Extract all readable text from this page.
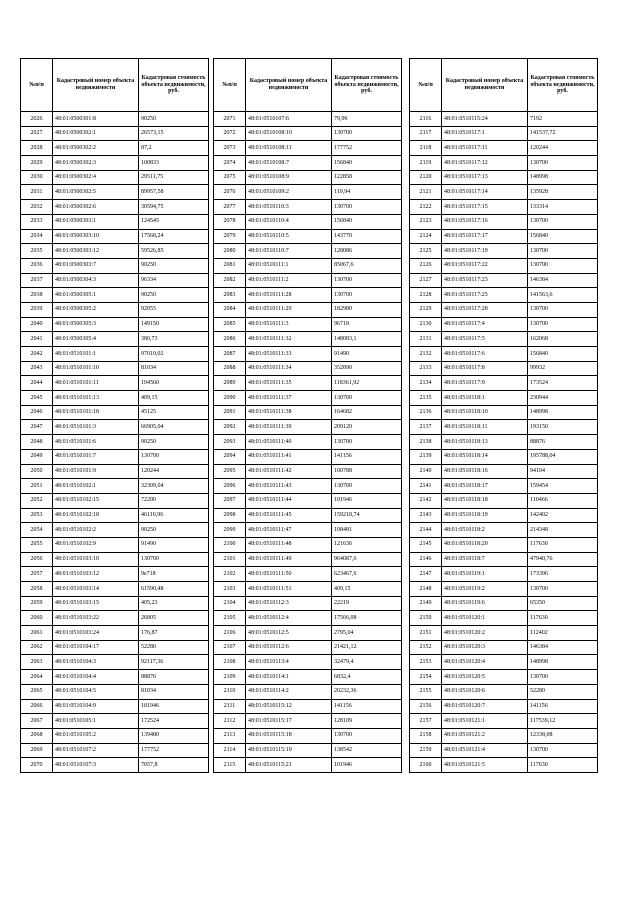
№п/п	Кадастровый номер объекта недвижимости	Кадастровая стоимость объекта недвижимости, руб.
2026	48:01:0500301:8	90250
2027	48:01:0500302:1	26573,15
2028	48:01:0500302:2	87,2
2029	48:01:0500302:3	100833
2030	48:01:0500302:4	29511,75
2031	48:01:0500302:5	89957,58
2032	48:01:0500302:6	30594,75
2033	48:01:0500303:1	124545
2034	48:01:0500303:10	17568,24
2035	48:01:0500303:12	59526,85
2036	48:01:0500303:7	90250
2037	48:01:0500304:3	96334
2038	48:01:0500305:1	90250
2039	48:01:0500305:2	92055
2040	48:01:0500305:3	149150
2041	48:01:0500305:4	380,73
2042	48:01:0510101:1	97010,02
2043	48:01:0510101:10	81034
2044	48:01:0510101:11	104560
2045	48:01:0510101:13	409,15
2046	48:01:0510101:18	45125
2047	48:01:0510101:3	66905,04
2048	48:01:0510101:6	90250
2049	48:01:0510101:7	130700
2050	48:01:0510101:9	120244
2051	48:01:0510102:1	32309,04
2052	48:01:0510102:15	72200
2053	48:01:0510102:18	46110,96
2054	48:01:0510102:2	90250
2055	48:01:0510102:9	91490
2056	48:01:0510103:10	130700
2057	48:01:0510103:12	9e718
2058	48:01:0510103:14	61590,48
2059	48:01:0510103:15	405,23
2060	48:01:0510103:22	26805
2061	48:01:0510103:24	176,87
2062	48:01:0510104:17	52280
2063	48:01:0510104:3	92117,36
2064	48:01:0510104:4	88876
2065	48:01:0510104:5	81034
2066	48:01:0510104:9	101946
2067	48:01:0510105:1	172524
2068	48:01:0510105:2	139480
2069	48:01:0510107:2	177752
2070	48:01:0510107:3	7057,8
№п/п	Кадастровый номер объекта недвижимости	Кадастровая стоимость объекта недвижимости, руб.
2071	48:01:0510107:6	79,96
2072	48:01:0510108:10	130700
2073	48:01:0510108:11	177752
2074	48:01:0510108:7	156840
2075	48:01:0510108:9	122858
2076	48:01:0510109:2	119,94
2077	48:01:0510110:3	130700
2078	48:01:0510110:4	156840
2079	48:01:0510110:5	143770
2080	48:01:0510110:7	128086
2081	48:01:0510111:1	85067,6
2082	48:01:0510111:2	130700
2083	48:01:0510111:28	130700
2084	48:01:0510111:29	182980
2085	48:01:0510111:3	96718
2086	48:01:0510111:32	148083,1
2087	48:01:0510111:33	91490
2088	48:01:0510111:34	352890
2089	48:01:0510111:35	118361,92
2090	48:01:0510111:37	130700
2091	48:01:0510111:38	164682
2092	48:01:0510111:39	209120
2093	48:01:0510111:40	130700
2094	48:01:0510111:41	141156
2095	48:01:0510111:42	100788
2096	48:01:0510111:43	130700
2097	48:01:0510111:44	101946
2098	48:01:0510111:45	159218,74
2099	48:01:0510111:47	108481
2100	48:01:0510111:48	121636
2101	48:01:0510111:49	964087,6
2102	48:01:0510111:50	623467,6
2103	48:01:0510111:51	409,15
2104	48:01:0510112:3	22219
2105	48:01:0510112:4	17566,08
2106	48:01:0510112:5	2795,04
2107	48:01:0510112:6	21421,12
2108	48:01:0510113:4	32479,4
2109	48:01:0510114:1	6832,4
2110	48:01:0510114:2	20232,36
2111	48:01:0510115:12	141156
2112	48:01:0510115:17	128109
2113	48:01:0510115:18	130700
2114	48:01:0510115:19	138542
2115	48:01:0510115:21	101946
№п/п	Кадастровый номер объекта недвижимости	Кадастровая стоимость объекта недвижимости, руб.
2116	48:01:0510115:24	7192
2117	48:01:0510117:1	141537,72
2118	48:01:0510117:11	120244
2119	48:01:0510117:12	130700
2120	48:01:0510117:13	148998
2121	48:01:0510117:14	135928
2122	48:01:0510117:15	133314
2123	48:01:0510117:16	130700
2124	48:01:0510117:17	156840
2125	48:01:0510117:19	130700
2126	48:01:0510117:22	130700
2127	48:01:0510117:23	146384
2128	48:01:0510117:25	141563,6
2129	48:01:0510117:28	130700
2130	48:01:0510117:4	130700
2131	48:01:0510117:5	162068
2132	48:01:0510117:6	156840
2133	48:01:0510117:8	99932
2134	48:01:0510117:9	173524
2135	48:01:0510118:1	230944
2136	48:01:0510118:10	148998
2137	48:01:0510118:11	193150
2138	48:01:0510118:13	88876
2139	48:01:0510118:14	195788,04
2140	48:01:0510118:16	94104
2141	48:01:0510118:17	159454
2142	48:01:0510118:18	110466
2143	48:01:0510118:19	142402
2144	48:01:0510118:2	214348
2145	48:01:0510118:20	117630
2146	48:01:0510118:7	47940,76
2147	48:01:0510119:1	173396
2148	48:01:0510119:2	130700
2149	48:01:0510119:6	65350
2150	48:01:0510120:1	117630
2151	48:01:0510120:2	112402
2152	48:01:0510120:3	146384
2153	48:01:0510120:4	148998
2154	48:01:0510120:5	130700
2155	48:01:0510120:6	52280
2156	48:01:0510120:7	141156
2157	48:01:0510121:1	117539,12
2158	48:01:0510121:2	12338,08
2159	48:01:0510121:4	130700
2160	48:01:0510121:5	117630
